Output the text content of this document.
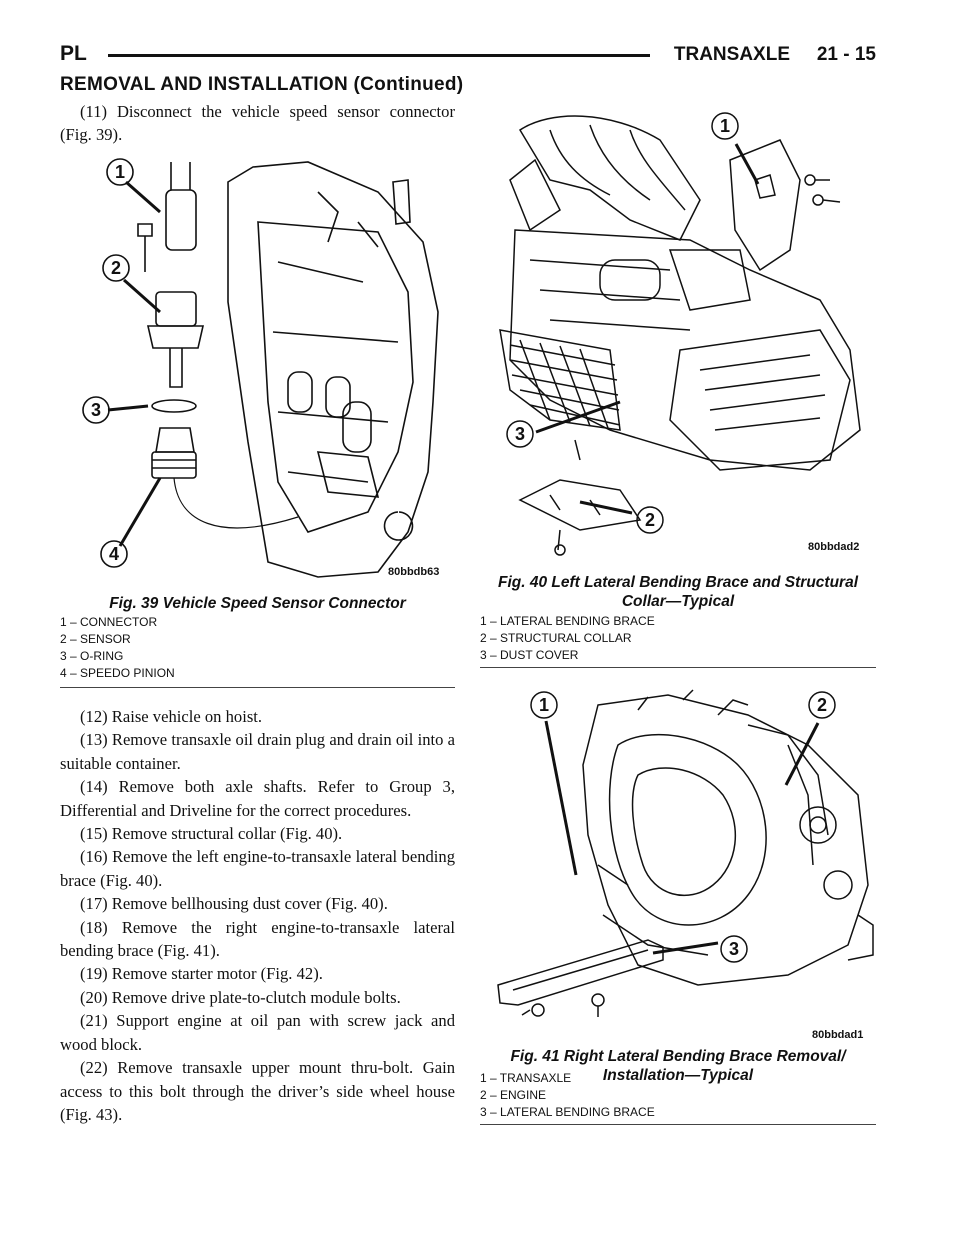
PL	TRANSAXLE 21 - 15
REMOVAL AND INSTALLATION (Continued)

(11) Disconnect the vehicle speed sensor connector (Fig. 39).

1
2
3
4
80bbdb63
Fig. 39 Vehicle Speed Sensor Connector
1 – CONNECTOR
2 – SENSOR
3 – O-RING
4 – SPEEDO PINION

(12) Raise vehicle on hoist.

(13) Remove transaxle oil drain plug and drain oil into a suitable container.

(14) Remove both axle shafts. Refer to Group 3, Differential and Driveline for the correct procedures.

(15) Remove structural collar (Fig. 40).

(16) Remove the left engine-to-transaxle lateral bending brace (Fig. 40).

(17) Remove bellhousing dust cover (Fig. 40).

(18) Remove the right engine-to-transaxle lateral bending brace (Fig. 41).

(19) Remove starter motor (Fig. 42).

(20) Remove drive plate-to-clutch module bolts.

(21) Support engine at oil pan with screw jack and wood block.

(22) Remove transaxle upper mount thru-bolt. Gain access to this bolt through the driver’s side wheel house (Fig. 43).

1
2
3
80bbdad2
Fig. 40 Left Lateral Bending Brace and Structural
Collar—Typical
1 – LATERAL BENDING BRACE
2 – STRUCTURAL COLLAR
3 – DUST COVER
1	2
3
80bbdad1
Fig. 41 Right Lateral Bending Brace Removal/
Installation—Typical
1 – TRANSAXLE
2 – ENGINE
3 – LATERAL BENDING BRACE
